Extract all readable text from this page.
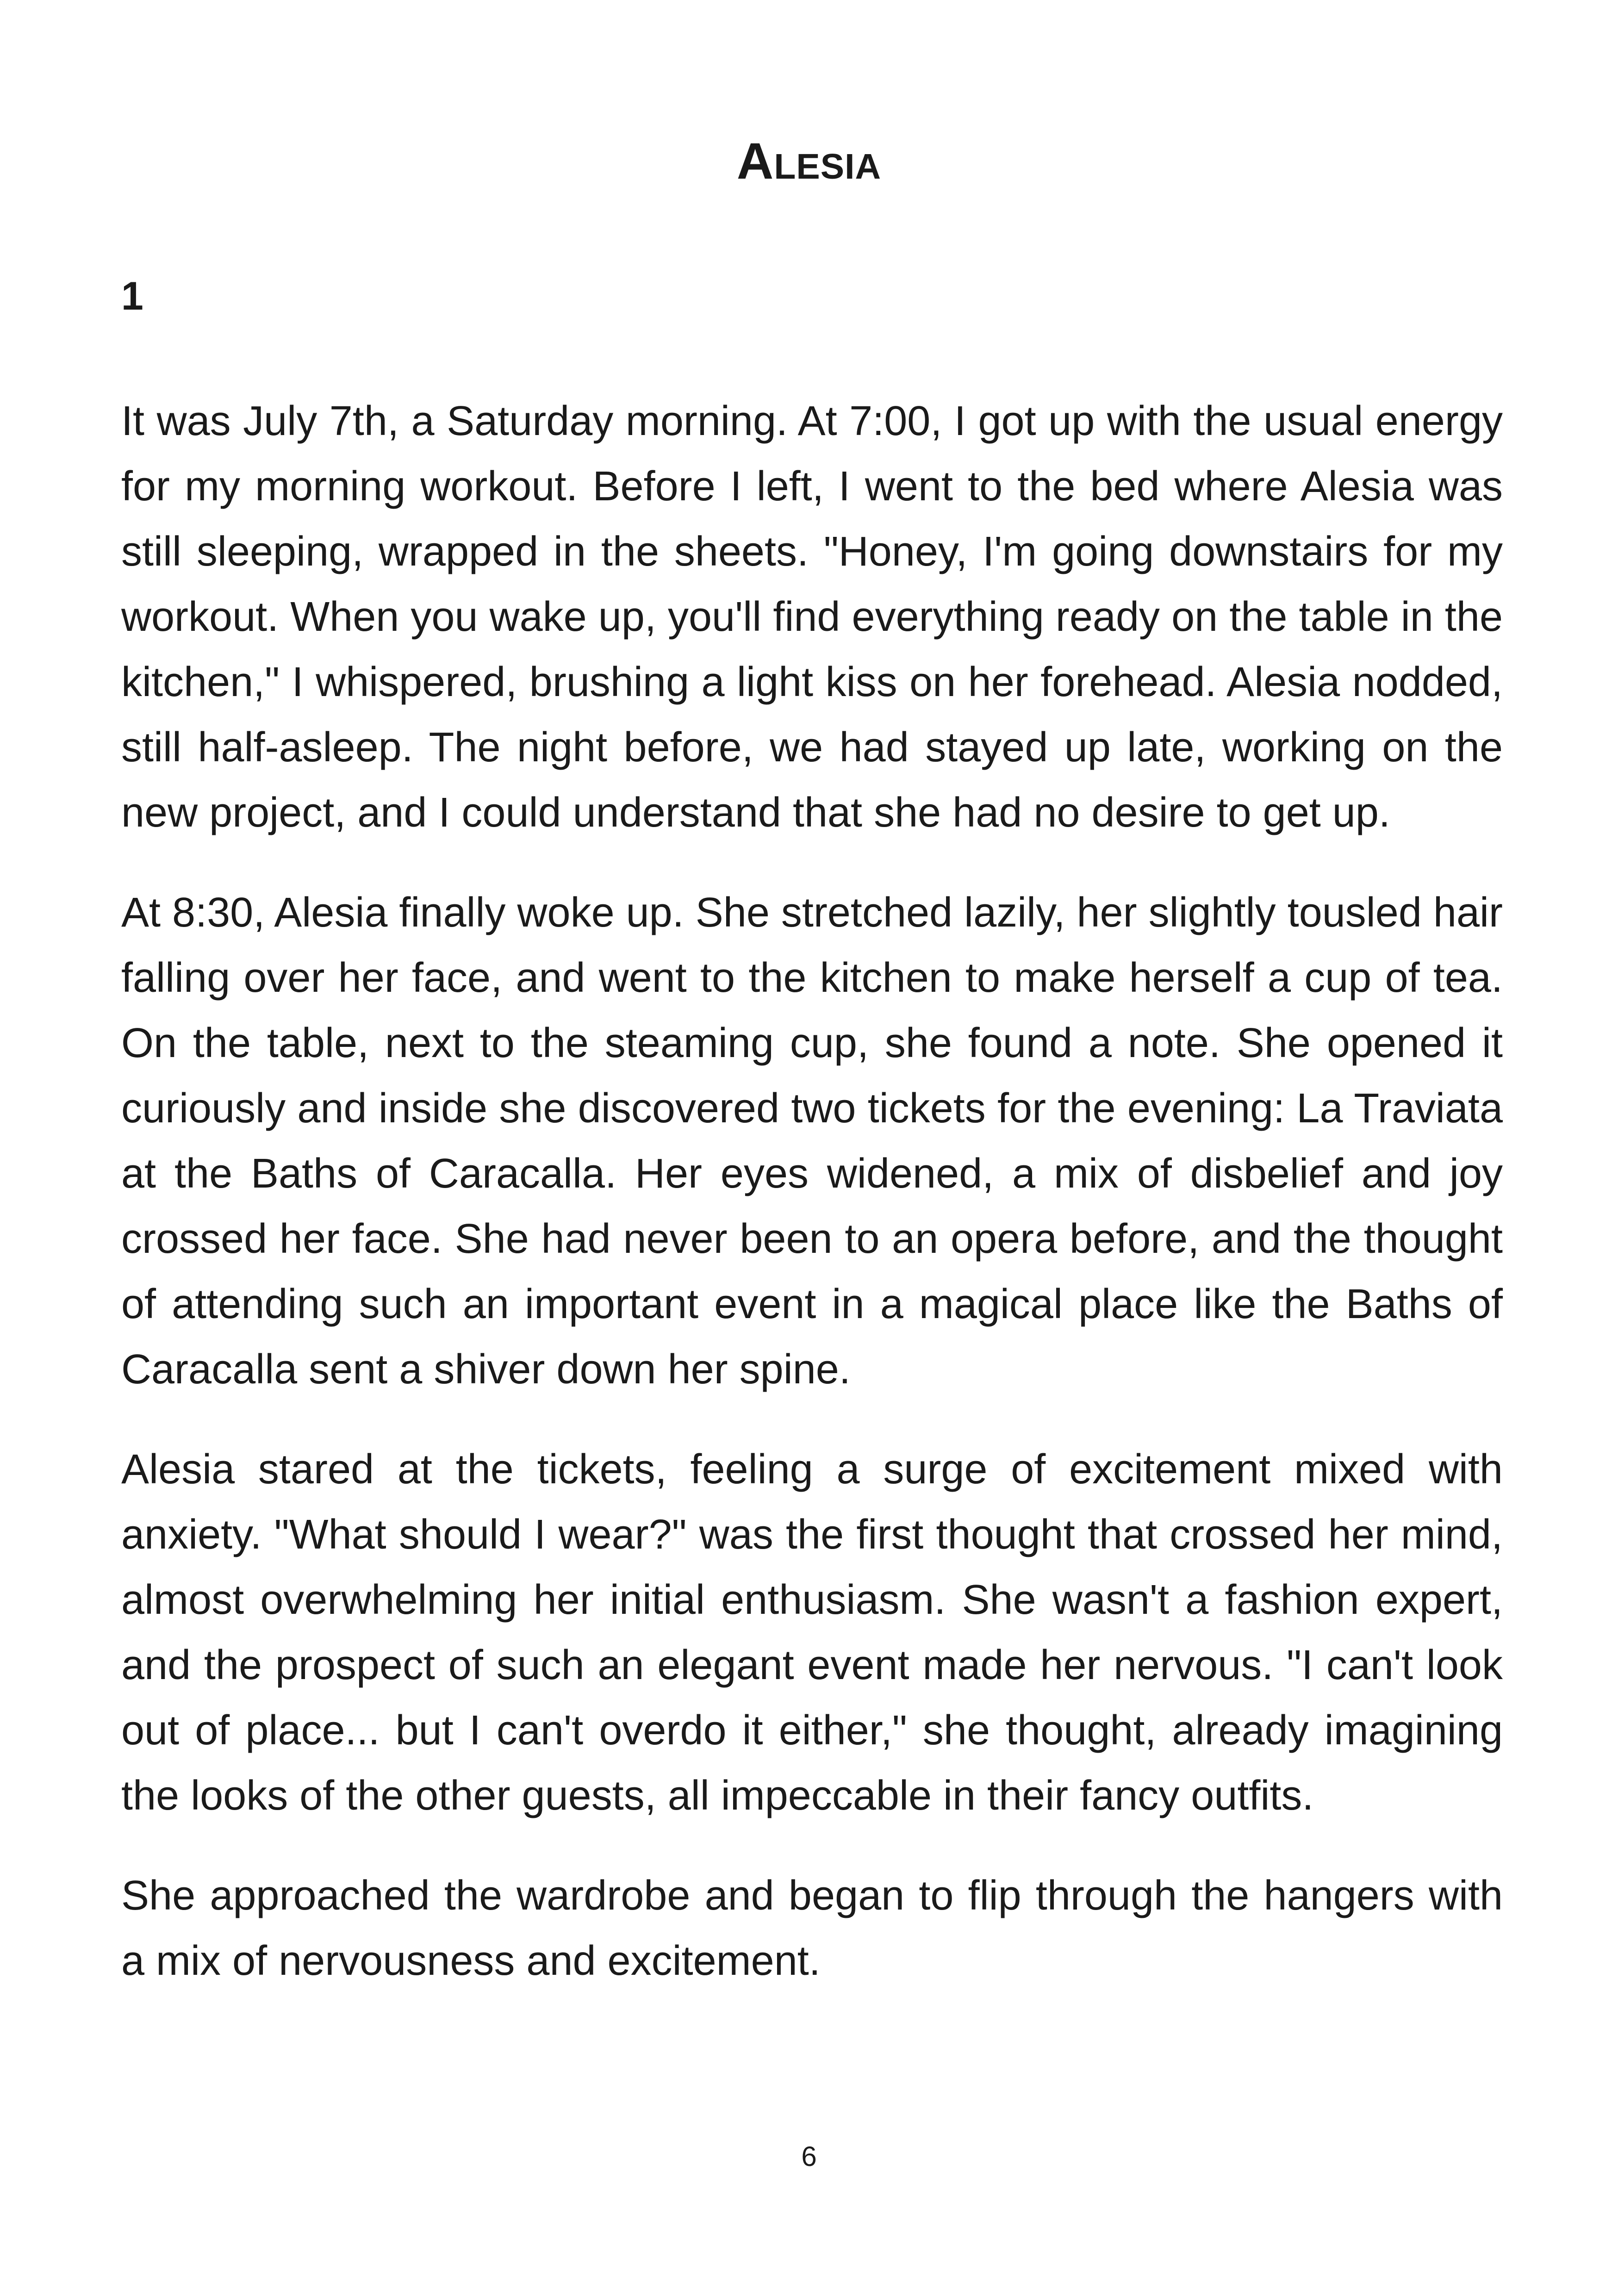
Alesia
1

It was July 7th, a Saturday morning. At 7:00, I got up with the usual energy for my morning workout. Before I left, I went to the bed where Alesia was still sleeping, wrapped in the sheets. "Honey, I'm going downstairs for my workout. When you wake up, you'll find everything ready on the table in the kitchen," I whispered, brushing a light kiss on her forehead. Alesia nodded, still half-asleep. The night before, we had stayed up late, working on the new project, and I could understand that she had no desire to get up.

At 8:30, Alesia finally woke up. She stretched lazily, her slightly tousled hair falling over her face, and went to the kitchen to make herself a cup of tea. On the table, next to the steaming cup, she found a note. She opened it curiously and inside she discovered two tickets for the evening: La Traviata at the Baths of Caracalla. Her eyes widened, a mix of disbelief and joy crossed her face. She had never been to an opera before, and the thought of attending such an important event in a magical place like the Baths of Caracalla sent a shiver down her spine.

Alesia stared at the tickets, feeling a surge of excitement mixed with anxiety. "What should I wear?" was the first thought that crossed her mind, almost overwhelming her initial enthusiasm. She wasn't a fashion expert, and the prospect of such an elegant event made her nervous. "I can't look out of place... but I can't overdo it either," she thought, already imagining the looks of the other guests, all impeccable in their fancy outfits.

She approached the wardrobe and began to flip through the hangers with a mix of nervousness and excitement.

6
